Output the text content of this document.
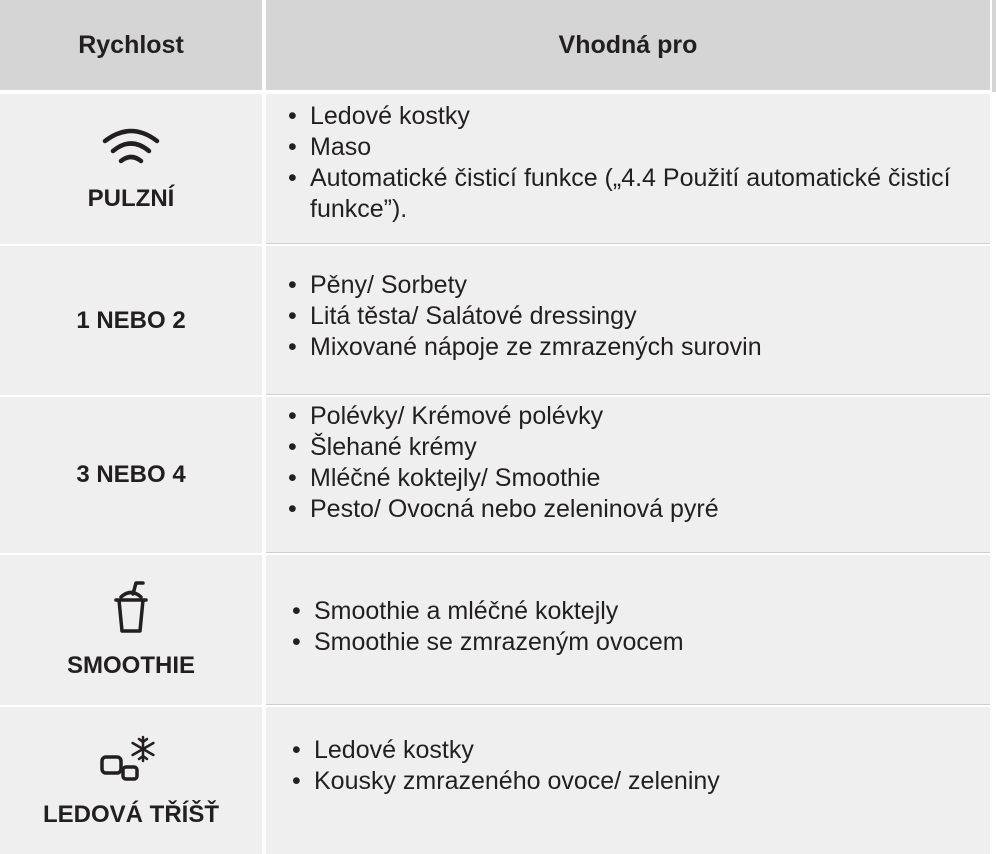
Rychlost	Vhodná pro
PULZNÍ
• Ledové kostky
• Maso
• Automatické čisticí funkce („4.4 Použití automatické čisticí funkce”).
1 NEBO 2
• Pěny/ Sorbety
• Litá těsta/ Salátové dressingy
• Mixované nápoje ze zmrazených surovin
3 NEBO 4
• Polévky/ Krémové polévky
• Šlehané krémy
• Mléčné koktejly/ Smoothie
• Pesto/ Ovocná nebo zeleninová pyré
SMOOTHIE
• Smoothie a mléčné koktejly
• Smoothie se zmrazeným ovocem
LEDOVÁ TŘÍŠŤ
• Ledové kostky
• Kousky zmrazeného ovoce/ zeleniny
